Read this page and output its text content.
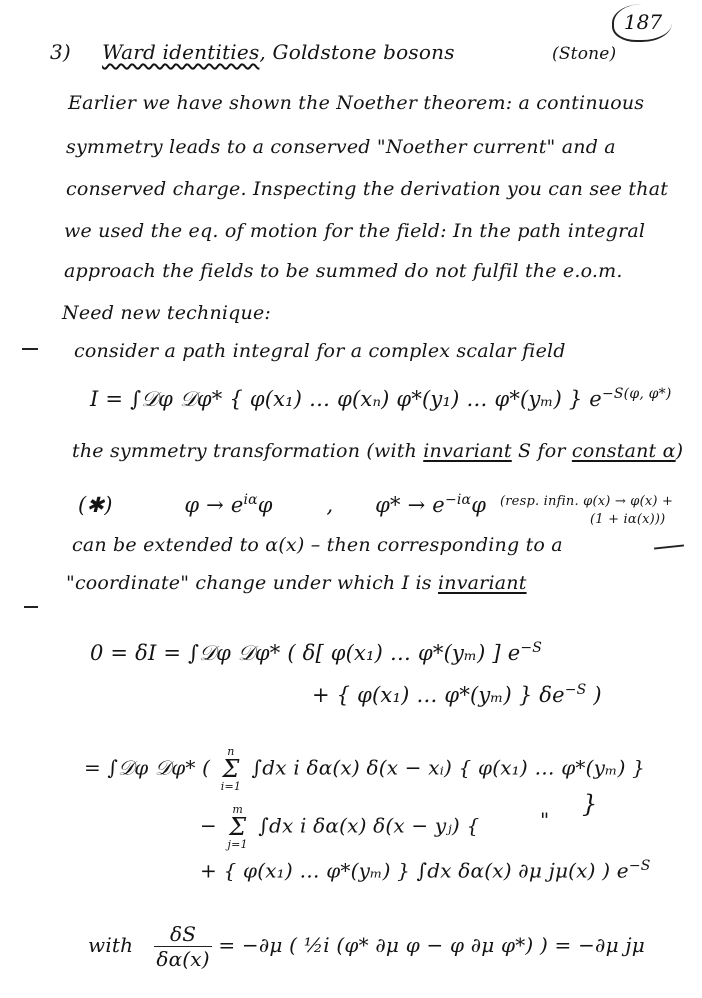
187
3) Ward identities, Goldstone bosons	(Stone)
Earlier we have shown the Noether theorem: a continuous
symmetry leads to a conserved "Noether current" and a
conserved charge. Inspecting the derivation you can see that
we used the eq. of motion for the field: In the path integral
approach the fields to be summed do not fulfil the e.o.m.
Need new technique:
consider a path integral for a complex scalar field
I = ∫𝒟φ 𝒟φ* { φ(x₁) … φ(xₙ) φ*(y₁) … φ*(yₘ) } $e^{-S(\varphi, \varphi*)}$
the symmetry transformation (with invariant S for constant α)
(✱)	$\varphi \to e^{i\alpha}\varphi$	, $\varphi* \to e^{-i\alpha}\varphi$ (resp. infin. φ(x) → φ(x) +
(1 + iα(x)))
can be extended to α(x) – then corresponding to a
"coordinate" change under which I is invariant
0 = δI = ∫𝒟φ 𝒟φ* ( δ[ φ(x₁) … φ*(yₘ) ] $e^{-S}$
+ { φ(x₁) … φ*(yₘ) } $\delta e^{-S}$ )
= ∫𝒟φ 𝒟φ* (
n
Σ
i=1
∫dx i δα(x) δ(x − xᵢ) { φ(x₁) … φ*(yₘ) }
−
m
Σ
j=1
∫dx i δα(x) δ(x − yⱼ) {	"
}
+ { φ(x₁) … φ*(yₘ) } ∫dx δα(x) ∂μ jμ(x) ) $e^{-S}$
with $\frac{\delta S}{\delta\alpha(x)} = -\partial\mu$ ( ½i (φ* ∂μ φ − φ ∂μ φ*) ) = −∂μ jμ
